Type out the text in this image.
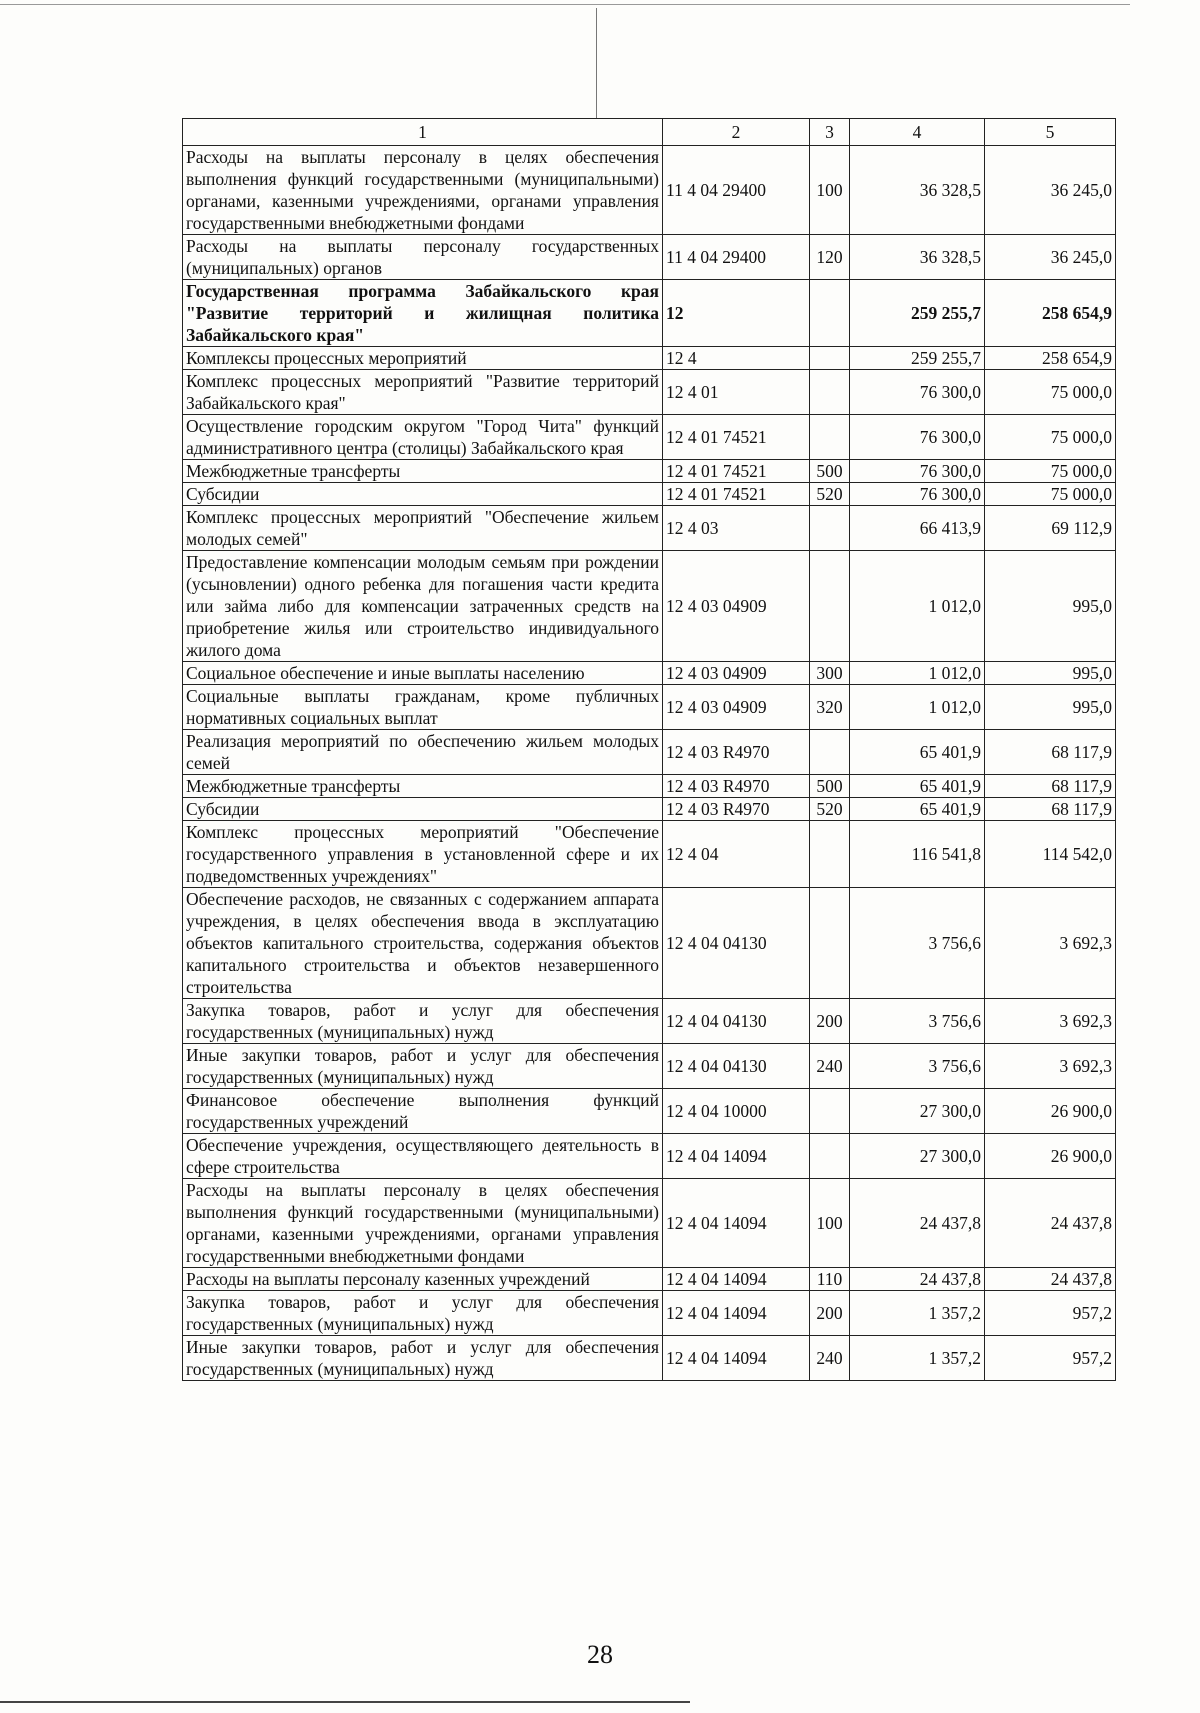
1	2	3	4	5
Расходы на выплаты персоналу в целях обеспечения выполнения функций государственными (муниципальными) органами, казенными учреждениями, органами управления государственными внебюджетными фондами	11 4 04 29400	100	36 328,5	36 245,0
Расходы на выплаты персоналу государственных (муниципальных) органов	11 4 04 29400	120	36 328,5	36 245,0
Государственная программа Забайкальского края "Развитие территорий и жилищная политика Забайкальского края"	12		259 255,7	258 654,9
Комплексы процессных мероприятий	12 4		259 255,7	258 654,9
Комплекс процессных мероприятий "Развитие территорий Забайкальского края"	12 4 01		76 300,0	75 000,0
Осуществление городским округом "Город Чита" функций административного центра (столицы) Забайкальского края	12 4 01 74521		76 300,0	75 000,0
Межбюджетные трансферты	12 4 01 74521	500	76 300,0	75 000,0
Субсидии	12 4 01 74521	520	76 300,0	75 000,0
Комплекс процессных мероприятий "Обеспечение жильем молодых семей"	12 4 03		66 413,9	69 112,9
Предоставление компенсации молодым семьям при рождении (усыновлении) одного ребенка для погашения части кредита или займа либо для компенсации затраченных средств на приобретение жилья или строительство индивидуального жилого дома	12 4 03 04909		1 012,0	995,0
Социальное обеспечение и иные выплаты населению	12 4 03 04909	300	1 012,0	995,0
Социальные выплаты гражданам, кроме публичных нормативных социальных выплат	12 4 03 04909	320	1 012,0	995,0
Реализация мероприятий по обеспечению жильем молодых семей	12 4 03 R4970		65 401,9	68 117,9
Межбюджетные трансферты	12 4 03 R4970	500	65 401,9	68 117,9
Субсидии	12 4 03 R4970	520	65 401,9	68 117,9
Комплекс процессных мероприятий "Обеспечение государственного управления в установленной сфере и их подведомственных учреждениях"	12 4 04		116 541,8	114 542,0
Обеспечение расходов, не связанных с содержанием аппарата учреждения, в целях обеспечения ввода в эксплуатацию объектов капитального строительства, содержания объектов капитального строительства и объектов незавершенного строительства	12 4 04 04130		3 756,6	3 692,3
Закупка товаров, работ и услуг для обеспечения государственных (муниципальных) нужд	12 4 04 04130	200	3 756,6	3 692,3
Иные закупки товаров, работ и услуг для обеспечения государственных (муниципальных) нужд	12 4 04 04130	240	3 756,6	3 692,3
Финансовое обеспечение выполнения функций государственных учреждений	12 4 04 10000		27 300,0	26 900,0
Обеспечение учреждения, осуществляющего деятельность в сфере строительства	12 4 04 14094		27 300,0	26 900,0
Расходы на выплаты персоналу в целях обеспечения выполнения функций государственными (муниципальными) органами, казенными учреждениями, органами управления государственными внебюджетными фондами	12 4 04 14094	100	24 437,8	24 437,8
Расходы на выплаты персоналу казенных учреждений	12 4 04 14094	110	24 437,8	24 437,8
Закупка товаров, работ и услуг для обеспечения государственных (муниципальных) нужд	12 4 04 14094	200	1 357,2	957,2
Иные закупки товаров, работ и услуг для обеспечения государственных (муниципальных) нужд	12 4 04 14094	240	1 357,2	957,2
28
